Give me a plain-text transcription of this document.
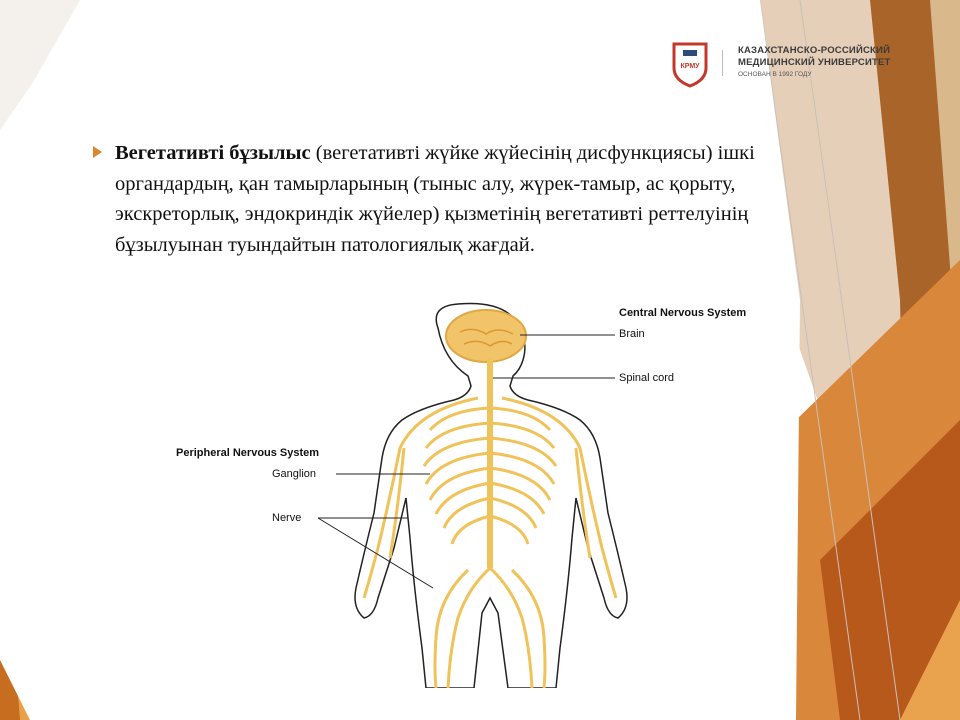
КРМУ
КАЗАХСТАНСКО-РОССИЙСКИЙ
МЕДИЦИНСКИЙ УНИВЕРСИТЕТ
ОСНОВАН В 1992 ГОДУ
Вегетативті бұзылыс (вегетативті жүйке жүйесінің дисфункциясы) ішкі органдардың, қан тамырларының (тыныс алу, жүрек-тамыр, ас қорыту, экскреторлық, эндокриндік жүйелер) қызметінің вегетативті реттелуінің бұзылуынан туындайтын патологиялық жағдай.
Central Nervous System
Brain
Spinal cord
Peripheral Nervous System
Ganglion
Nerve
